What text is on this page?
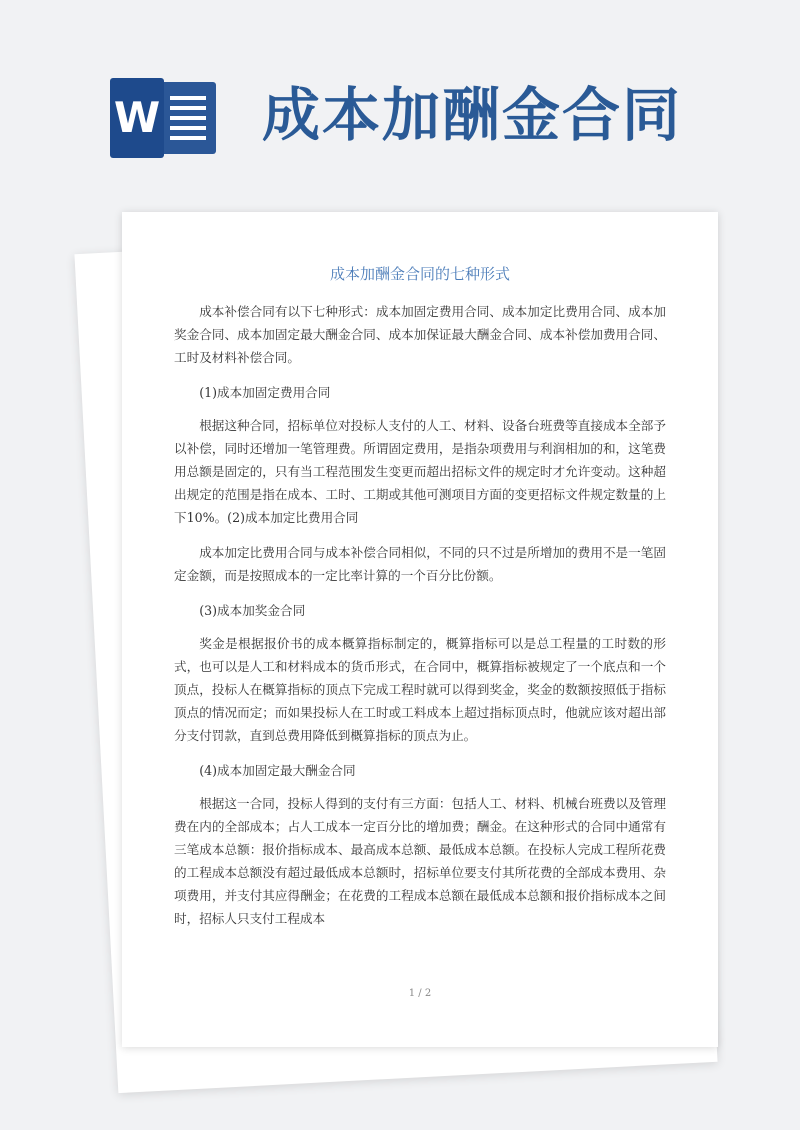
W 成本加酬金合同
成本加酬金合同的七种形式

成本补偿合同有以下七种形式：成本加固定费用合同、成本加定比费用合同、成本加奖金合同、成本加固定最大酬金合同、成本加保证最大酬金合同、成本补偿加费用合同、工时及材料补偿合同。

(1)成本加固定费用合同

根据这种合同，招标单位对投标人支付的人工、材料、设备台班费等直接成本全部予以补偿，同时还增加一笔管理费。所谓固定费用，是指杂项费用与利润相加的和，这笔费用总额是固定的，只有当工程范围发生变更而超出招标文件的规定时才允许变动。这种超出规定的范围是指在成本、工时、工期或其他可测项目方面的变更招标文件规定数量的上下10%。(2)成本加定比费用合同

成本加定比费用合同与成本补偿合同相似，不同的只不过是所增加的费用不是一笔固定金额，而是按照成本的一定比率计算的一个百分比份额。

(3)成本加奖金合同

奖金是根据报价书的成本概算指标制定的，概算指标可以是总工程量的工时数的形式，也可以是人工和材料成本的货币形式，在合同中，概算指标被规定了一个底点和一个顶点，投标人在概算指标的顶点下完成工程时就可以得到奖金，奖金的数额按照低于指标顶点的情况而定；而如果投标人在工时或工料成本上超过指标顶点时，他就应该对超出部分支付罚款，直到总费用降低到概算指标的顶点为止。

(4)成本加固定最大酬金合同

根据这一合同，投标人得到的支付有三方面：包括人工、材料、机械台班费以及管理费在内的全部成本；占人工成本一定百分比的增加费；酬金。在这种形式的合同中通常有三笔成本总额：报价指标成本、最高成本总额、最低成本总额。在投标人完成工程所花费的工程成本总额没有超过最低成本总额时，招标单位要支付其所花费的全部成本费用、杂项费用，并支付其应得酬金；在花费的工程成本总额在最低成本总额和报价指标成本之间时，招标人只支付工程成本

1 / 2
